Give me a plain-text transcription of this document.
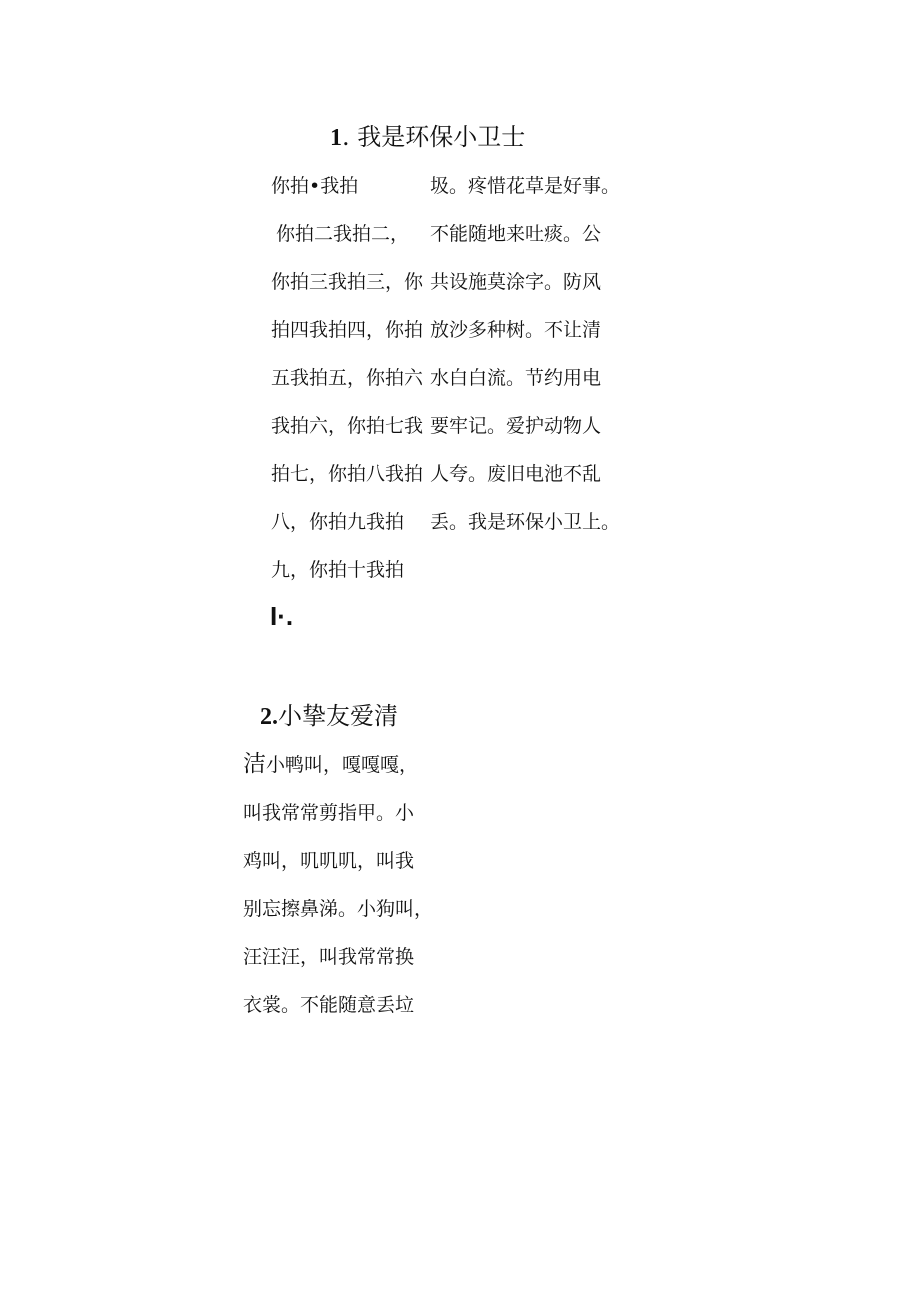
1. 我是环保小卫士
你拍•我拍
你拍二我拍二，
你拍三我拍三，你
拍四我拍四，你拍
五我拍五，你拍六
我拍六，你拍七我
拍七，你拍八我拍
八，你拍九我拍
九，你拍十我拍
圾。疼惜花草是好事。
不能随地来吐痰。公
共设施莫涂字。防风
放沙多种树。不让清
水白白流。节约用电
要牢记。爱护动物人
人夸。废旧电池不乱
丢。我是环保小卫上。
I·.
2.小挚友爱清
洁小鸭叫，嘎嘎嘎，
叫我常常剪指甲。小
鸡叫，叽叽叽，叫我
别忘擦鼻涕。小狗叫，
汪汪汪，叫我常常换
衣裳。不能随意丢垃
